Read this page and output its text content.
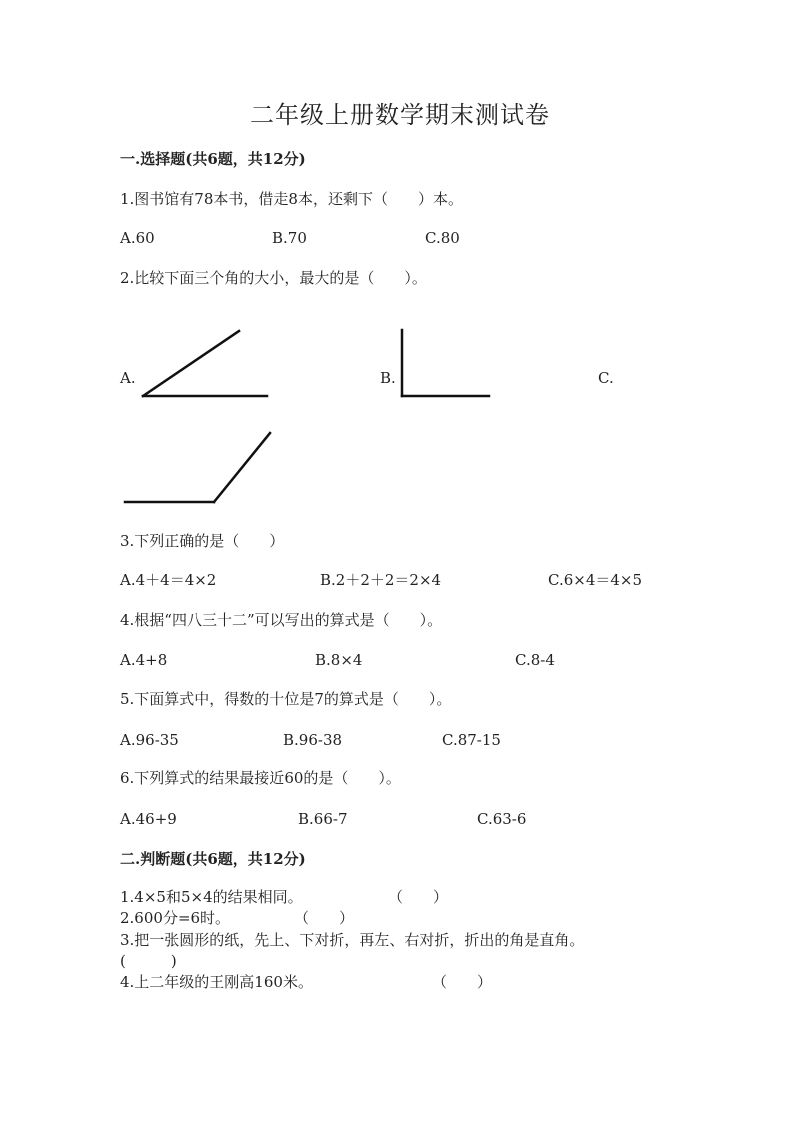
二年级上册数学期末测试卷
一.选择题(共6题，共12分)
1.图书馆有78本书，借走8本，还剩下（　　）本。
A.60	B.70	C.80
2.比较下面三个角的大小，最大的是（　　）。
A.	B.	C.
3.下列正确的是（　　）
A.4＋4＝4×2	B.2＋2＋2＝2×4	C.6×4＝4×5
4.根据“四八三十二”可以写出的算式是（　　）。
A.4+8	B.8×4	C.8-4
5.下面算式中，得数的十位是7的算式是（　　）。
A.96-35	B.96-38	C.87-15
6.下列算式的结果最接近60的是（　　）。
A.46+9	B.66-7	C.63-6
二.判断题(共6题，共12分)
1.4×5和5×4的结果相同。	（　　）
2.600分=6时。	（　　）
3.把一张圆形的纸，先上、下对折，再左、右对折，折出的角是直角。
(　　　)
4.上二年级的王刚高160米。	（　　）
